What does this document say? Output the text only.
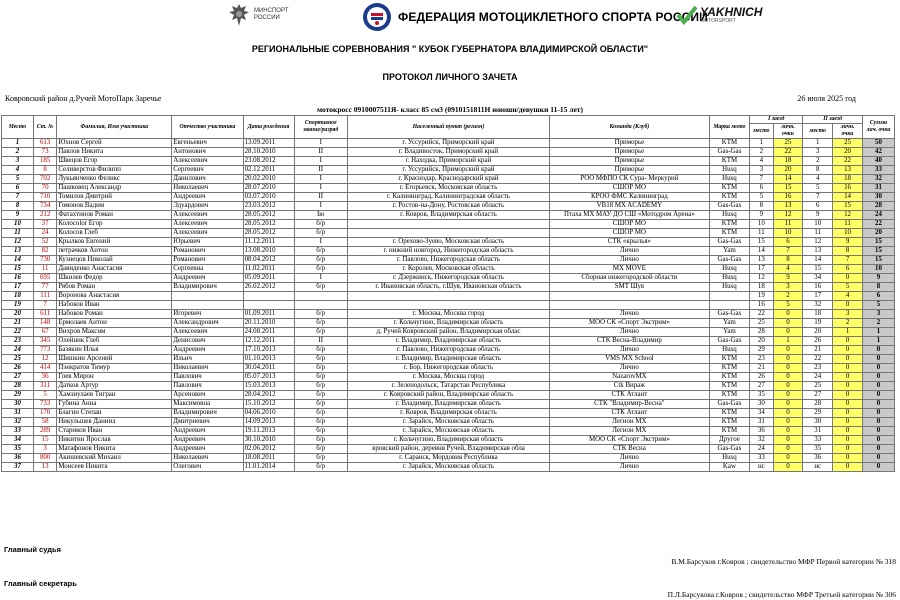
МИНСПОРТ
РОССИИ	ФЕДЕРАЦИЯ МОТОЦИКЛЕТНОГО СПОРТА РОССИИ
YAKHNICH
MOTORSPORT
РЕГИОНАЛЬНЫЕ СОРЕВНОВАНИЯ " КУБОК ГУБЕРНАТОРА ВЛАДИМИРСКОЙ ОБЛАСТИ"
ПРОТОКОЛ ЛИЧНОГО ЗАЧЕТА
Ковровский район д.Ручей МотоПарк Заречье	26 июля 2025 год
мотокросс 0910007511Я- класс 85 см3 (0910151811Н юноши/девушки 11-15 лет)
Место	Ст. №	Фамилия, Имя участника	Отчество участника	Дата рождения	Спортивное звание/разряд	Населенный пункт (регион)	Команда (Клуб)	Марка мото	I заезд		II заезд		Сумма лич. очки
									место	личн. очки	место	личн. очки	
1	613	Юхнов Сергей	Евгеньевич	13.09.2011	I	г. Уссурийск, Приморский край	Приморье	KTM	1	25	1	25	50
2	73	Павлов Никита	Антонович	28.10.2010	II	г. Владивосток, Приморский край	Приморье	Gas-Gas	2	22	3	20	42
3	185	Швецов Егор	Алексеевич	23.08.2012	I	г. Находка, Приморский край	Приморье	KTM	4	18	2	22	40
4	8	Селиверстов Филипп	Сергеевич	02.12.2011	II	г. Уссурийск, Приморский край	Приморье	Husq	3	20	8	13	33
5	702	Лукьянченко Феликс	Данилович	20.02.2010	I	г. Краснодар, Краснодарский край	РОО МФПО СК Сура- Меркурий	Husq	7	14	4	18	32
6	70	Пашковец Александр	Николаевич	28.07.2010	I	г. Егорьевск, Московская область	СШОР МО	KTM	6	15	5	16	31
7	710	Томилов Дмитрий	Андреевич	03.07.2010	II	г. Калининград, Калининградская область	КРОО ФМС Калининград	KTM	5	16	7	14	30
8	734	Гомонов Вадим	Эдуардович	23.03.2012	I	г. Ростов-на-Дону, Ростовская область	VB18 MX ACADEMY	Gas-Gas	8	13	6	15	28
9	212	Фатахтинов Роман	Алексеевич	28.05.2012	Iю	г. Ковров, Владимирская область	Птаха МХ МАУ ДО СШ «Мотодром Арена»	Husq	9	12	9	12	24
10	37	Колоcolor Егор	Алексеевич	28.05.2012	б/р		СШОР МО	KTM	10	11	10	11	22
11	24	Колосов Глеб	Алексеевич	28.05.2012	б/р		СШОР МО	KTM	11	10	11	10	20
12	52	Крылков Евгений	Юрьевич	11.12.2011	I	г. Орехово-Зуево, Московская область	СТК «крылья»	Gas-Gas	15	6	12	9	15
13	82	петрачков Антон	Романович	13.08.2010	б/р	г. нижний новгород, Нижегородская область	Лично	Yam	14	7	13	8	15
14	730	Кузнецов Николай	Романович	08.04.2012	б/р	г. Павлово, Нижегородская область	Лично	Gas-Gas	13	8	14	7	15
15	11	Давиденко Анастасия	Сергеевна	11.02.2011	б/р	г. Королев, Московская область	МХ MOVE	Husq	17	4	15	6	10
16	695	Шкилев Федор	Андреевич	05.09.2011	I	г. Дзержинск, Нижегородская область	Сборная нижегородской области	Husq	12	9	34	0	9
17	77	Рябов Роман	Владимирович	26.02.2012	б/р	г. Ивановская область, г.Шуя, Ивановская область	SMT Шуя	Husq	18	3	16	5	8
18	111	Воронова Анастасия							19	2	17	4	6
19	7	Набоков Иван							16	5	32	0	5
20	611	Набоков Роман	Игоревич	01.09.2011	б/р	г. Москва, Москва город	Лично	Gas-Gas	22	0	18	3	3
21	148	Ермолаев Антон	Александрович	20.11.2010	б/р	г. Кольчугино, Владимирская область	МОО СК «Спорт Экстрим»	Yam	25	0	19	2	2
22	67	Вихров Максим	Алексеевич	24.08.2011	б/р	д. Ручей Ковровский район, Владимирская облас	Лично	Yam	28	0	20	1	1
23	345	Олейник Глеб	Денисович	12.12.2011	II	г. Владимир, Владимирская область	СТК Весна-Владимир	Gas-Gas	20	1	26	0	1
24	773	Базякин Илья	Андреевич	17.10.2013	б/р	г. Павлово, Нижегородская область	Лично	Husq	29	0	21	0	0
25	12	Шишкин Арсений	Ильич	01.10.2013	б/р	г. Владимир, Владимирская область	VMS MX School	KTM	23	0	22	0	0
26	414	Пэнкратов Тимур	Николаевич	30.04.2011	б/р	г. Бор, Нижегородская область	Лично	KTM	21	0	23	0	0
27	36	Гоев Мирон	Павлович	05.07.2013	б/р	г. Москва, Москва город	NazarovMX	KTM	26	0	24	0	0
28	311	Датков Артур	Павлович	15.03.2013	б/р	г. Зеленодольск, Татарстан Республика	Ctk Вираж	KTM	27	0	25	0	0
29	5	Хамзиулаев Тигран	Арсенович	28.04.2012	б/р	г. Ковровский район, Владимирская область	СТК Атлант	KTM	35	0	27	0	0
30	733	Губина Анна	Максимовна	15.10.2012	б/р	г. Владимир, Владимирская область	СТК "Владимир-Весна"	Gas-Gas	30	0	28	0	0
31	170	Благин Степан	Владимирович	04.06.2010	б/р	г. Ковров, Владимирская область	СТК Атлант	KTM	34	0	29	0	0
32	58	Никульшев Даниил	Дмитриевич	14.09.2013	б/р	г. Зарайск, Московская область	Легион MX	KTM	31	0	30	0	0
33	289	Стариков Иван	Андреевич	19.11.2013	б/р	г. Зарайск, Московская область	Легион MX	KTM	36	0	31	0	0
34	15	Никитин Ярослав	Андреевич	30.10.2010	б/р	г. Кольчугино, Владимирская область	МОО СК «Спорт Экстрим»	Другое	32	0	33	0	0
35	3	Матафонов Никита	Андреевич	02.06.2012	б/р	вровский район, деревня Ручей, Владимирская обла	СТК Весна	Gas-Gas	24	0	35	0	0
36	800	Акишевский Михаил	Николаевич	18.08.2011	б/р	г. Саранск, Мордовия Республика	Лично	Husq	33	0	36	0	0
37	13	Моисеев Никита	Олегович	11.01.2014	б/р	г. Зарайск, Московская область	Лично	Kaw	нс	0	нс	0	0
Главный судья
В.М.Барсуков г.Ковров ; свидетельство МФР Первой категории № 318
Главный секретарь
П.Л.Барсукова г.Ковров ; свидетельство МФР Третьей категории № 306
